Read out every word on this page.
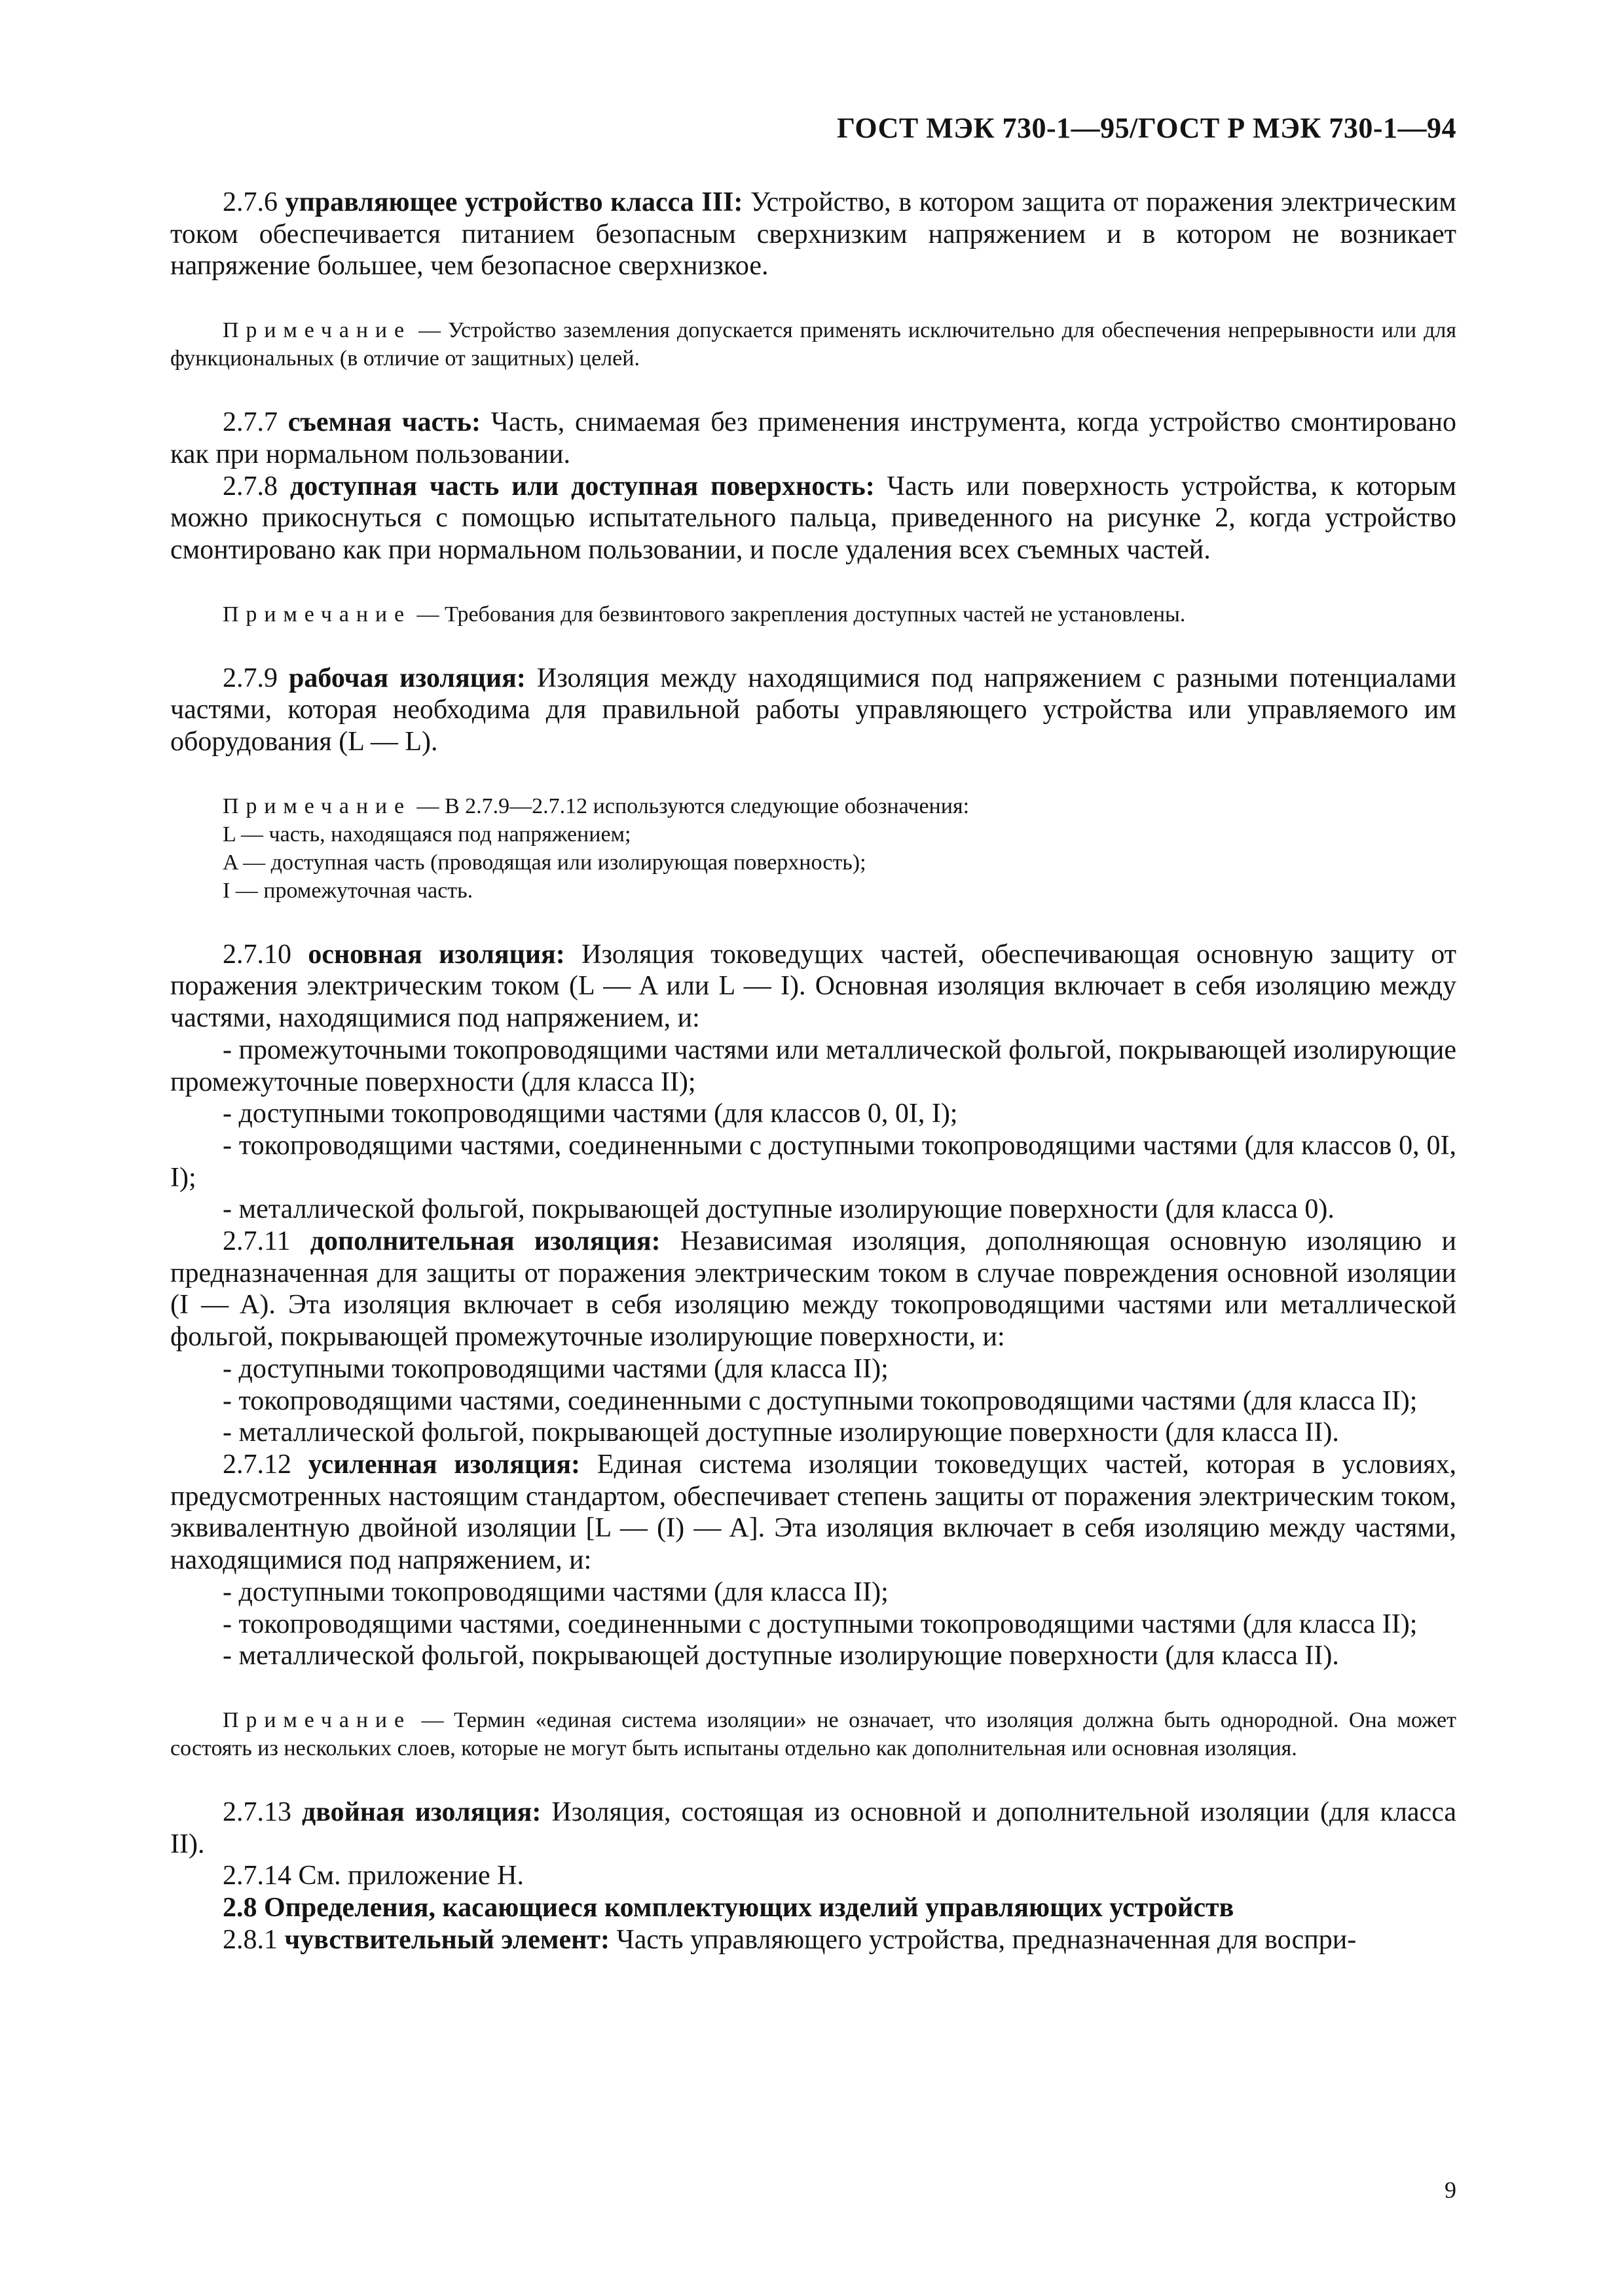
ГОСТ МЭК 730-1—95/ГОСТ Р МЭК 730-1—94

2.7.6 управляющее устройство класса III: Устройство, в котором защита от поражения электрическим током обеспечивается питанием безопасным сверхнизким напряжением и в котором не возникает напряжение большее, чем безопасное сверхнизкое.

Примечание — Устройство заземления допускается применять исключительно для обеспечения непрерывности или для функциональных (в отличие от защитных) целей.

2.7.7 съемная часть: Часть, снимаемая без применения инструмента, когда устройство смонтировано как при нормальном пользовании.

2.7.8 доступная часть или доступная поверхность: Часть или поверхность устройства, к которым можно прикоснуться с помощью испытательного пальца, приведенного на рисунке 2, когда устройство смонтировано как при нормальном пользовании, и после удаления всех съемных частей.

Примечание — Требования для безвинтового закрепления доступных частей не установлены.

2.7.9 рабочая изоляция: Изоляция между находящимися под напряжением с разными потенциалами частями, которая необходима для правильной работы управляющего устройства или управляемого им оборудования (L — L).

Примечание — В 2.7.9—2.7.12 используются следующие обозначения:

L — часть, находящаяся под напряжением;

A — доступная часть (проводящая или изолирующая поверхность);

I — промежуточная часть.

2.7.10 основная изоляция: Изоляция токоведущих частей, обеспечивающая основную защиту от поражения электрическим током (L — A или L — I). Основная изоляция включает в себя изоляцию между частями, находящимися под напряжением, и:

- промежуточными токопроводящими частями или металлической фольгой, покрывающей изолирующие промежуточные поверхности (для класса II);

- доступными токопроводящими частями (для классов 0, 0I, I);

- токопроводящими частями, соединенными с доступными токопроводящими частями (для классов 0, 0I, I);

- металлической фольгой, покрывающей доступные изолирующие поверхности (для класса 0).

2.7.11 дополнительная изоляция: Независимая изоляция, дополняющая основную изоляцию и предназначенная для защиты от поражения электрическим током в случае повреждения основной изоляции (I — A). Эта изоляция включает в себя изоляцию между токопроводящими частями или металлической фольгой, покрывающей промежуточные изолирующие поверхности, и:

- доступными токопроводящими частями (для класса II);

- токопроводящими частями, соединенными с доступными токопроводящими частями (для класса II);

- металлической фольгой, покрывающей доступные изолирующие поверхности (для класса II).

2.7.12 усиленная изоляция: Единая система изоляции токоведущих частей, которая в условиях, предусмотренных настоящим стандартом, обеспечивает степень защиты от поражения электрическим током, эквивалентную двойной изоляции [L — (I) — A]. Эта изоляция включает в себя изоляцию между частями, находящимися под напряжением, и:

- доступными токопроводящими частями (для класса II);

- токопроводящими частями, соединенными с доступными токопроводящими частями (для класса II);

- металлической фольгой, покрывающей доступные изолирующие поверхности (для класса II).

Примечание — Термин «единая система изоляции» не означает, что изоляция должна быть однородной. Она может состоять из нескольких слоев, которые не могут быть испытаны отдельно как дополнительная или основная изоляция.

2.7.13 двойная изоляция: Изоляция, состоящая из основной и дополнительной изоляции (для класса II).

2.7.14 См. приложение Н.

2.8 Определения, касающиеся комплектующих изделий управляющих устройств

2.8.1 чувствительный элемент: Часть управляющего устройства, предназначенная для воспри-

9
